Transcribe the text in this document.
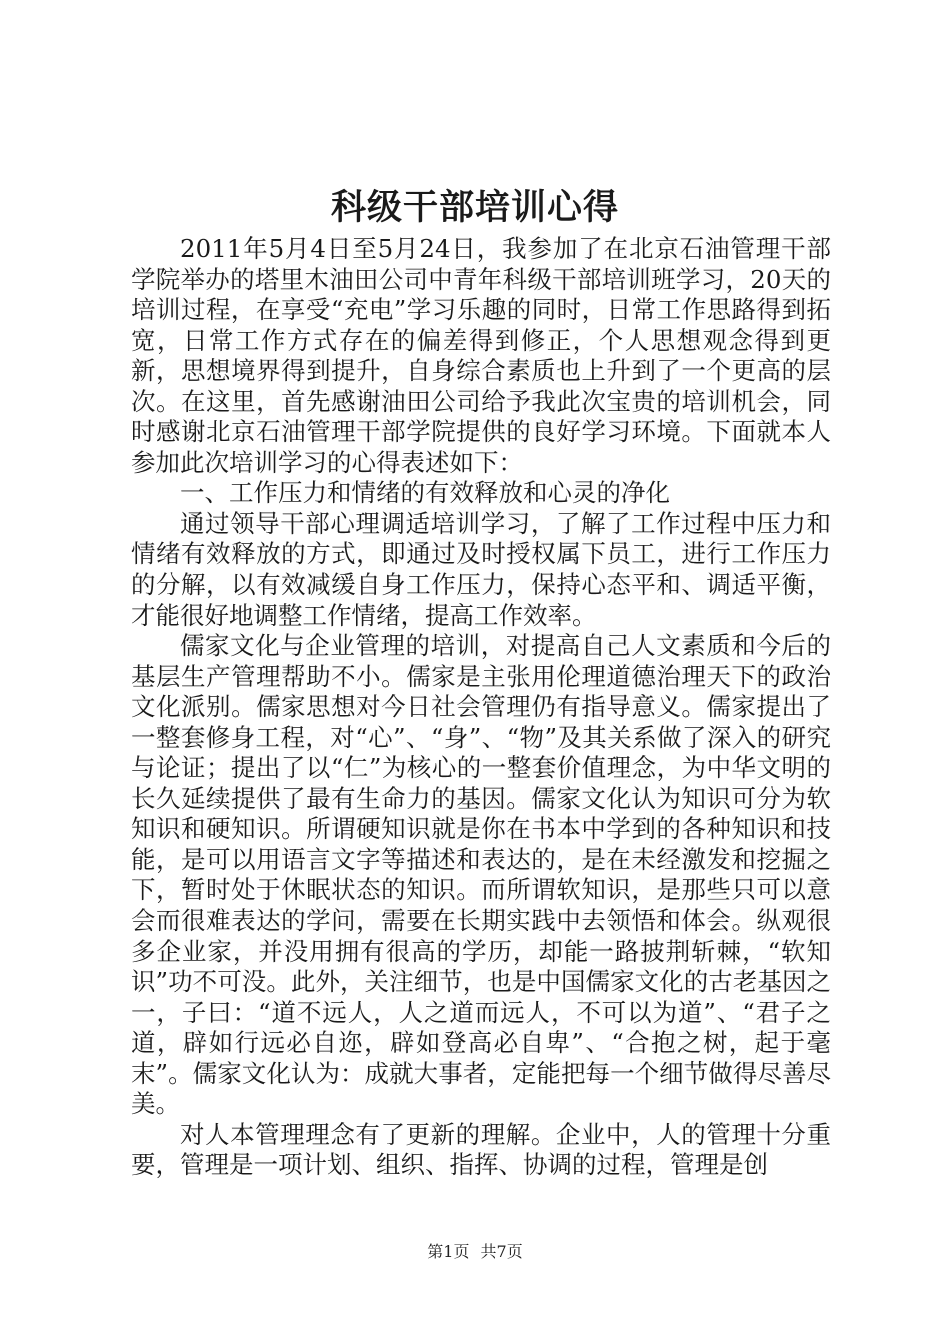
科级干部培训心得

2011年5月4日至5月24日，我参加了在北京石油管理干部学院举办的塔里木油田公司中青年科级干部培训班学习，20天的培训过程，在享受“充电”学习乐趣的同时，日常工作思路得到拓宽，日常工作方式存在的偏差得到修正，个人思想观念得到更新，思想境界得到提升，自身综合素质也上升到了一个更高的层次。在这里，首先感谢油田公司给予我此次宝贵的培训机会，同时感谢北京石油管理干部学院提供的良好学习环境。下面就本人参加此次培训学习的心得表述如下：

一、工作压力和情绪的有效释放和心灵的净化

通过领导干部心理调适培训学习，了解了工作过程中压力和情绪有效释放的方式，即通过及时授权属下员工，进行工作压力的分解，以有效减缓自身工作压力，保持心态平和、调适平衡，才能很好地调整工作情绪，提高工作效率。

儒家文化与企业管理的培训，对提高自己人文素质和今后的基层生产管理帮助不小。儒家是主张用伦理道德治理天下的政治文化派别。儒家思想对今日社会管理仍有指导意义。儒家提出了一整套修身工程，对“心”、“身”、“物”及其关系做了深入的研究与论证；提出了以“仁”为核心的一整套价值理念，为中华文明的长久延续提供了最有生命力的基因。儒家文化认为知识可分为软知识和硬知识。所谓硬知识就是你在书本中学到的各种知识和技能，是可以用语言文字等描述和表达的，是在未经激发和挖掘之下，暂时处于休眠状态的知识。而所谓软知识，是那些只可以意会而很难表达的学问，需要在长期实践中去领悟和体会。纵观很多企业家，并没用拥有很高的学历，却能一路披荆斩棘，“软知识”功不可没。此外，关注细节，也是中国儒家文化的古老基因之一，子曰：“道不远人，人之道而远人，不可以为道”、“君子之道，辟如行远必自迩，辟如登高必自卑”、“合抱之树，起于毫末”。儒家文化认为：成就大事者，定能把每一个细节做得尽善尽美。

对人本管理理念有了更新的理解。企业中，人的管理十分重要，管理是一项计划、组织、指挥、协调的过程，管理是创

第1页 共7页
